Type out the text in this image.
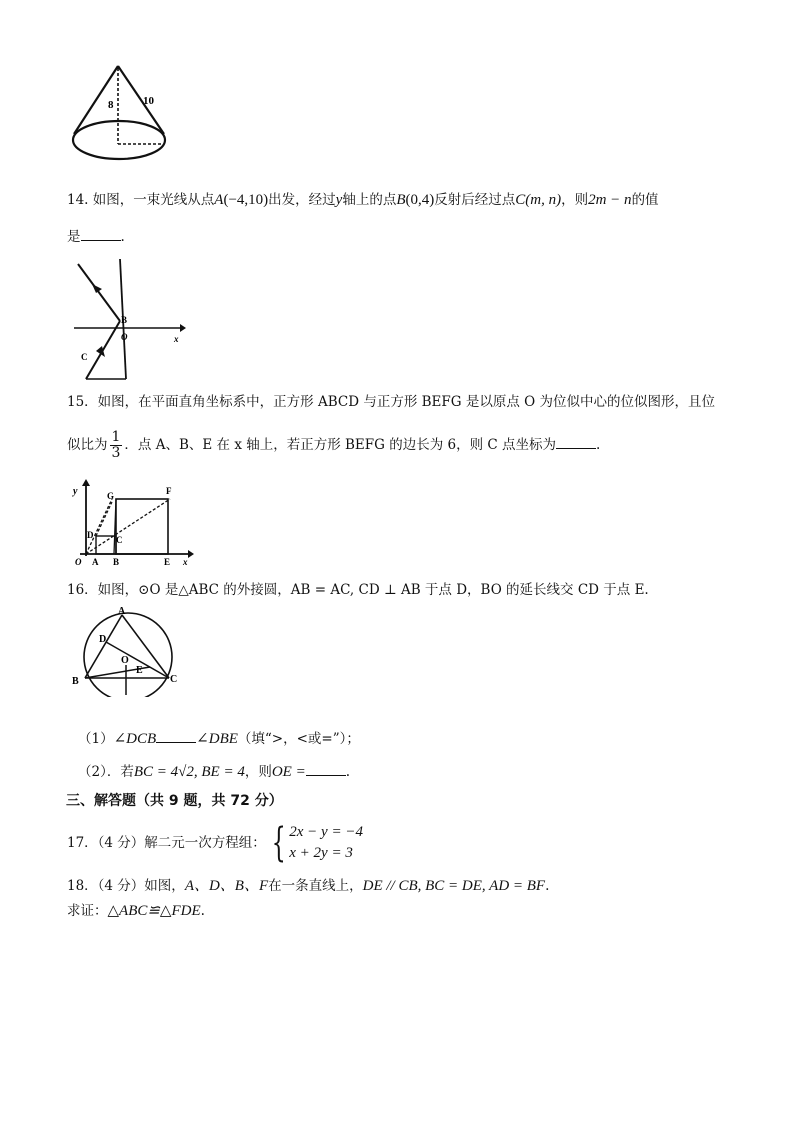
8	10
14. 如图，一束光线从点A(−4,10)出发，经过y轴上的点B(0,4)反射后经过点C(m, n)，则2m − n的值
是	.
B
O
C
x
15．如图，在平面直角坐标系中，正方形 ABCD 与正方形 BEFG 是以原点 O 为位似中心的位似图形，且位
似比为 $\frac{1}{3}$ ．点 A、B、E 在 x 轴上，若正方形 BEFG 的边长为 6，则 C 点坐标为	.
y	G	F
D	C
O A B	E x
16．如图，⊙O 是△ABC 的外接圆，AB = AC, CD ⊥ AB 于点 D，BO 的延长线交 CD 于点 E.
A
D
O
E
B	C
（1）∠DCB	∠DBE（填“>，<或=”）；
（2）．若BC = 4√2, BE = 4，则OE =	.
三、解答题（共 9 题，共 72 分）
17．（4 分）解二元一次方程组： { 2x − y = −4
x + 2y = 3
18．（4 分）如图，A、D、B、F在一条直线上，DE // CB, BC = DE, AD = BF.
求证：△ABC≌△FDE.
